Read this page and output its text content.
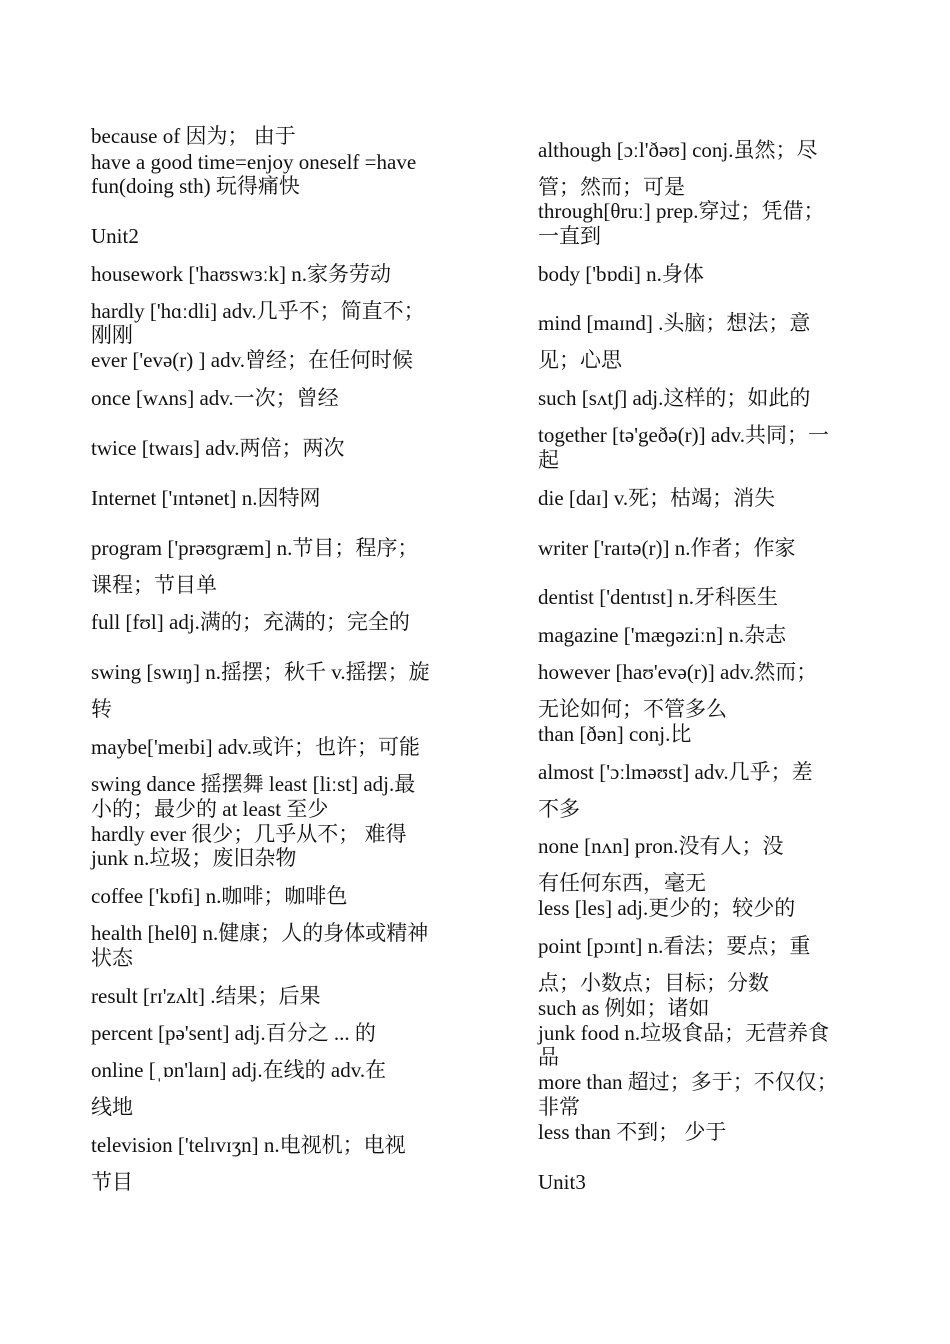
because of 因为； 由于
have a good time=enjoy oneself =have
fun(doing sth) 玩得痛快
Unit2
housework ['haʊswɜːk] n.家务劳动
hardly ['hɑːdli] adv.几乎不；简直不；
刚刚
ever ['evə(r) ] adv.曾经；在任何时候
once [wʌns] adv.一次；曾经
twice [twaɪs] adv.两倍；两次
Internet ['ɪntənet] n.因特网
program ['prəʊɡræm] n.节目；程序；
课程；节目单
full [fʊl] adj.满的；充满的；完全的
swing [swɪŋ] n.摇摆；秋千 v.摇摆；旋
转
maybe['meɪbi] adv.或许；也许；可能
swing dance 摇摆舞 least [liːst] adj.最
小的；最少的 at least 至少
hardly ever 很少；几乎从不； 难得
junk n.垃圾；废旧杂物
coffee ['kɒfi] n.咖啡；咖啡色
health [helθ] n.健康；人的身体或精神
状态
result [rɪ'zʌlt] .结果；后果
percent [pə'sent] adj.百分之 ... 的
online [ˌɒn'laɪn] adj.在线的 adv.在
线地
television ['telɪvɪʒn] n.电视机；电视
节目
although [ɔːl'ðəʊ] conj.虽然；尽
管；然而；可是
through[θruː] prep.穿过；凭借；
一直到
body ['bɒdi] n.身体
mind [maɪnd] .头脑；想法；意
见；心思
such [sʌtʃ] adj.这样的；如此的
together [tə'geðə(r)] adv.共同；一
起
die [daɪ] v.死；枯竭；消失
writer ['raɪtə(r)] n.作者；作家
dentist ['dentɪst] n.牙科医生
magazine ['mæɡəziːn] n.杂志
however [haʊ'evə(r)] adv.然而；
无论如何；不管多么
than [ðən] conj.比
almost ['ɔːlməʊst] adv.几乎；差
不多
none [nʌn] pron.没有人；没
有任何东西，毫无
less [les] adj.更少的；较少的
point [pɔɪnt] n.看法；要点；重
点；小数点；目标；分数
such as 例如；诸如
junk food n.垃圾食品；无营养食
品
more than 超过；多于；不仅仅；
非常
less than 不到； 少于
Unit3
